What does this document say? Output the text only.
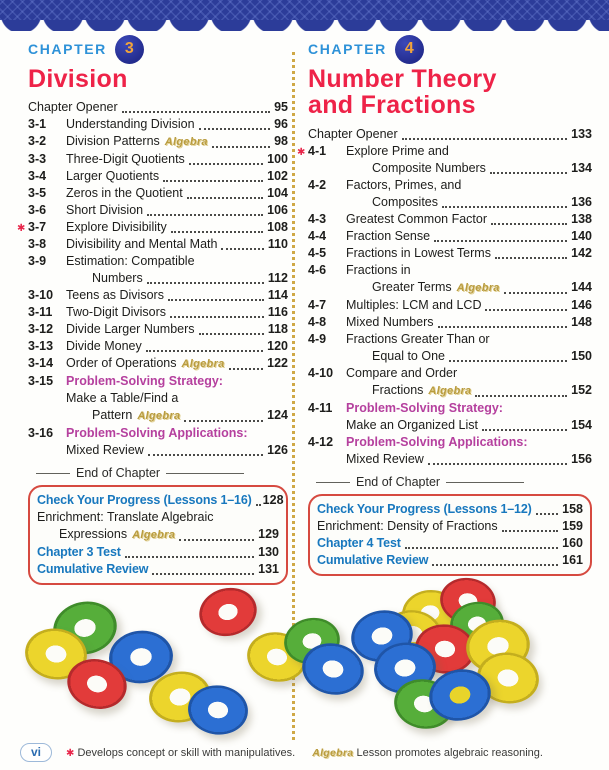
CHAPTER	3
Division
Chapter Opener	95
3-1	Understanding Division	96
3-2	Division Patterns Algebra	98
3-3	Three-Digit Quotients	100
3-4	Larger Quotients	102
3-5	Zeros in the Quotient	104
3-6	Short Division	106
✱ 3-7	Explore Divisibility	108
3-8	Divisibility and Mental Math	110
3-9	Estimation: Compatible
Numbers	112
3-10	Teens as Divisors	114
3-11	Two-Digit Divisors	116
3-12	Divide Larger Numbers	118
3-13	Divide Money	120
3-14	Order of Operations Algebra	122
3-15	Problem-Solving Strategy:
Make a Table/Find a
Pattern Algebra	124
3-16	Problem-Solving Applications:
Mixed Review	126
End of Chapter
Check Your Progress (Lessons 1–16) 128
Enrichment: Translate Algebraic
Expressions Algebra	129
Chapter 3 Test	130
Cumulative Review	131
CHAPTER	4
Number Theory
and Fractions
Chapter Opener	133
✱ 4-1	Explore Prime and
Composite Numbers	134
4-2	Factors, Primes, and
Composites	136
4-3	Greatest Common Factor	138
4-4	Fraction Sense	140
4-5	Fractions in Lowest Terms	142
4-6	Fractions in
Greater Terms Algebra	144
4-7	Multiples: LCM and LCD	146
4-8	Mixed Numbers	148
4-9	Fractions Greater Than or
Equal to One	150
4-10	Compare and Order
Fractions Algebra	152
4-11	Problem-Solving Strategy:
Make an Organized List	154
4-12	Problem-Solving Applications:
Mixed Review	156
End of Chapter
Check Your Progress (Lessons 1–12) 158
Enrichment: Density of Fractions	159
Chapter 4 Test	160
Cumulative Review	161
✱ Develops concept or skill with manipulatives. Algebra Lesson promotes algebraic reasoning.
vi
